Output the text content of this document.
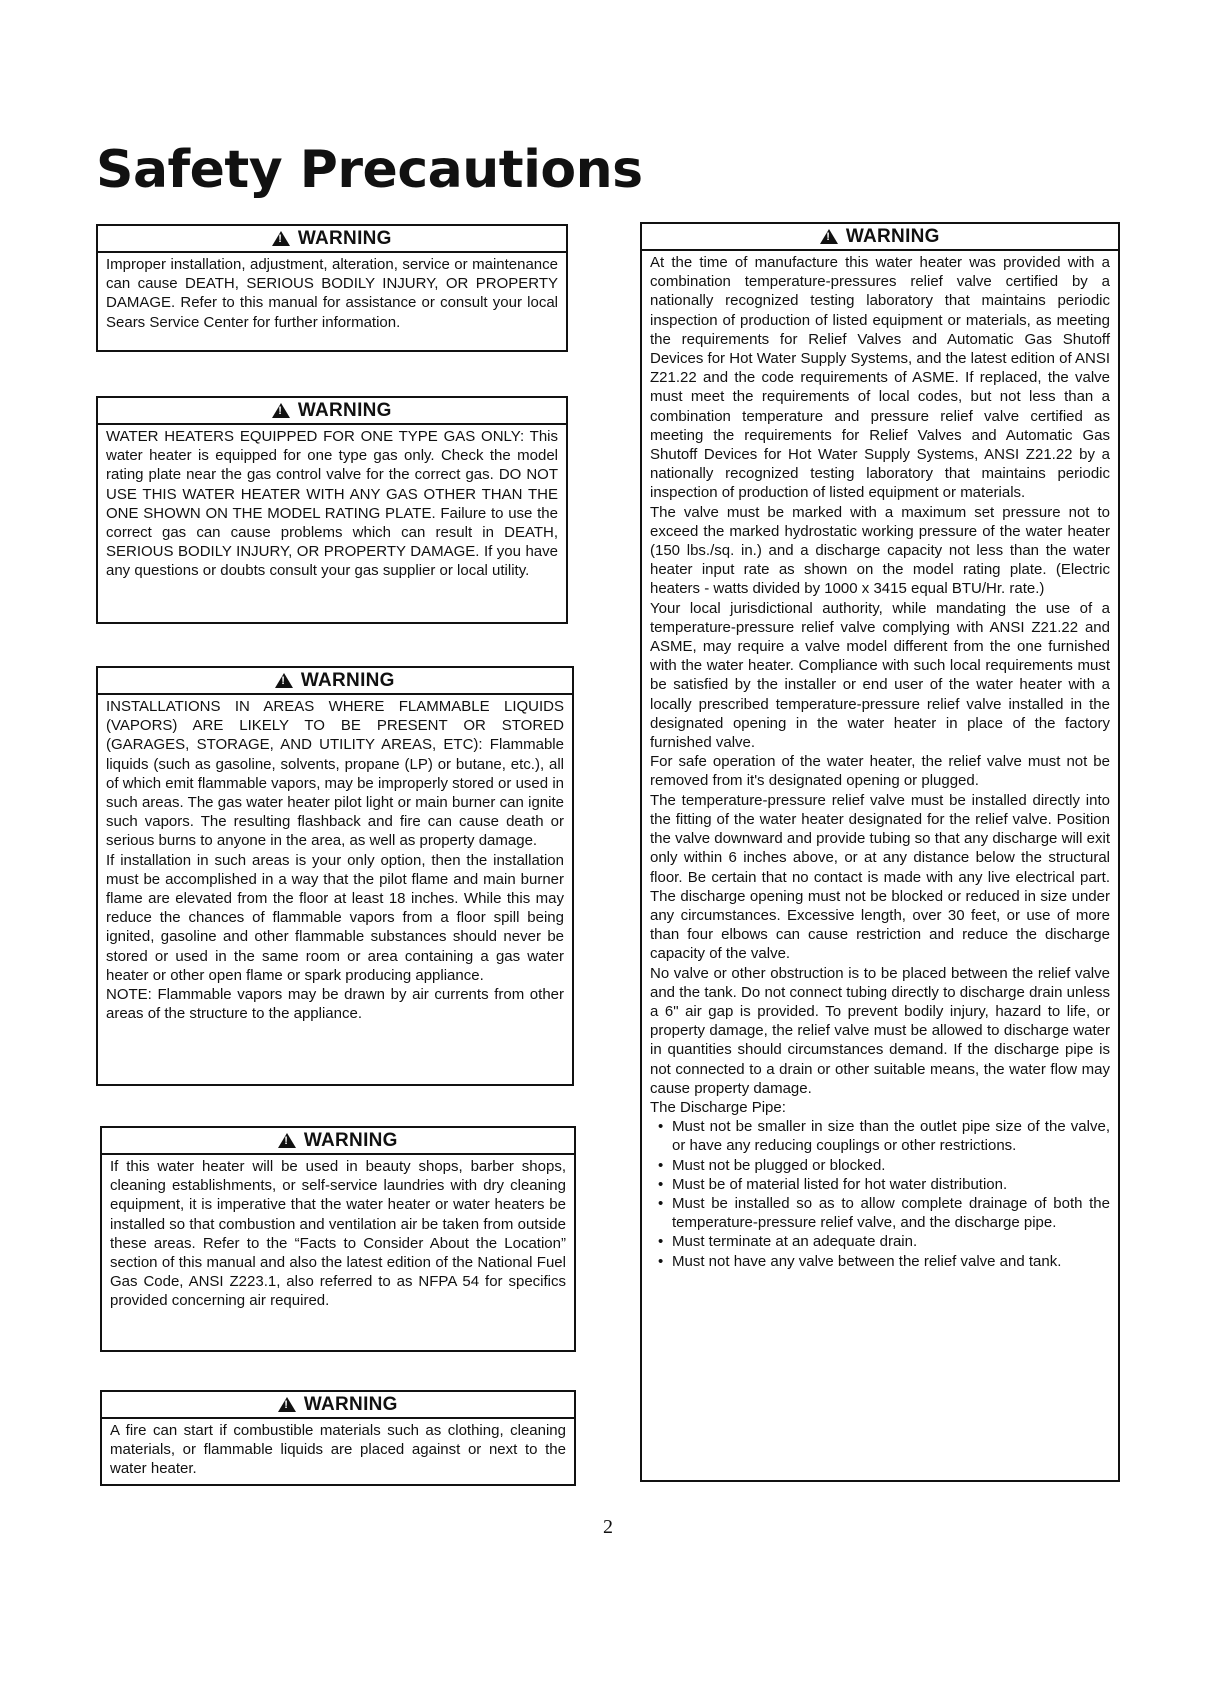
Safety Precautions
! WARNING

Improper installation, adjustment, alteration, service or maintenance can cause DEATH, SERIOUS BODILY INJURY, OR PROPERTY DAMAGE. Refer to this manual for assistance or consult your local Sears Service Center for further information.

! WARNING

WATER HEATERS EQUIPPED FOR ONE TYPE GAS ONLY: This water heater is equipped for one type gas only. Check the model rating plate near the gas control valve for the correct gas. DO NOT USE THIS WATER HEATER WITH ANY GAS OTHER THAN THE ONE SHOWN ON THE MODEL RATING PLATE. Failure to use the correct gas can cause problems which can result in DEATH, SERIOUS BODILY INJURY, OR PROPERTY DAMAGE. If you have any questions or doubts consult your gas supplier or local utility.

! WARNING

INSTALLATIONS IN AREAS WHERE FLAMMABLE LIQUIDS (VAPORS) ARE LIKELY TO BE PRESENT OR STORED (GARAGES, STORAGE, AND UTILITY AREAS, ETC): Flammable liquids (such as gasoline, solvents, propane (LP) or butane, etc.), all of which emit flammable vapors, may be improperly stored or used in such areas. The gas water heater pilot light or main burner can ignite such vapors. The resulting flashback and fire can cause death or serious burns to anyone in the area, as well as property damage.

If installation in such areas is your only option, then the installation must be accomplished in a way that the pilot flame and main burner flame are elevated from the floor at least 18 inches. While this may reduce the chances of flammable vapors from a floor spill being ignited, gasoline and other flammable substances should never be stored or used in the same room or area containing a gas water heater or other open flame or spark producing appliance.

NOTE: Flammable vapors may be drawn by air currents from other areas of the structure to the appliance.

! WARNING

If this water heater will be used in beauty shops, barber shops, cleaning establishments, or self-service laundries with dry cleaning equipment, it is imperative that the water heater or water heaters be installed so that combustion and ventilation air be taken from outside these areas. Refer to the “Facts to Consider About the Location” section of this manual and also the latest edition of the National Fuel Gas Code, ANSI Z223.1, also referred to as NFPA 54 for specifics provided concerning air required.

! WARNING

A fire can start if combustible materials such as clothing, cleaning materials, or flammable liquids are placed against or next to the water heater.

! WARNING

At the time of manufacture this water heater was provided with a combination temperature-pressures relief valve certified by a nationally recognized testing laboratory that maintains periodic inspection of production of listed equipment or materials, as meeting the requirements for Relief Valves and Automatic Gas Shutoff Devices for Hot Water Supply Systems, and the latest edition of ANSI Z21.22 and the code requirements of ASME. If replaced, the valve must meet the requirements of local codes, but not less than a combination temperature and pressure relief valve certified as meeting the requirements for Relief Valves and Automatic Gas Shutoff Devices for Hot Water Supply Systems, ANSI Z21.22 by a nationally recognized testing laboratory that maintains periodic inspection of production of listed equipment or materials.

The valve must be marked with a maximum set pressure not to exceed the marked hydrostatic working pressure of the water heater (150 lbs./sq. in.) and a discharge capacity not less than the water heater input rate as shown on the model rating plate. (Electric heaters - watts divided by 1000 x 3415 equal BTU/Hr. rate.)

Your local jurisdictional authority, while mandating the use of a temperature-pressure relief valve complying with ANSI Z21.22 and ASME, may require a valve model different from the one furnished with the water heater. Compliance with such local requirements must be satisfied by the installer or end user of the water heater with a locally prescribed temperature-pressure relief valve installed in the designated opening in the water heater in place of the factory furnished valve.

For safe operation of the water heater, the relief valve must not be removed from it's designated opening or plugged.

The temperature-pressure relief valve must be installed directly into the fitting of the water heater designated for the relief valve. Position the valve downward and provide tubing so that any discharge will exit only within 6 inches above, or at any distance below the structural floor. Be certain that no contact is made with any live electrical part. The discharge opening must not be blocked or reduced in size under any circumstances. Excessive length, over 30 feet, or use of more than four elbows can cause restriction and reduce the discharge capacity of the valve.

No valve or other obstruction is to be placed between the relief valve and the tank. Do not connect tubing directly to discharge drain unless a 6" air gap is provided. To prevent bodily injury, hazard to life, or property damage, the relief valve must be allowed to discharge water in quantities should circumstances demand. If the discharge pipe is not connected to a drain or other suitable means, the water flow may cause property damage.

The Discharge Pipe:

• Must not be smaller in size than the outlet pipe size of the valve, or have any reducing couplings or other restrictions.
• Must not be plugged or blocked.
• Must be of material listed for hot water distribution.
• Must be installed so as to allow complete drainage of both the temperature-pressure relief valve, and the discharge pipe.
• Must terminate at an adequate drain.
• Must not have any valve between the relief valve and tank.
2
